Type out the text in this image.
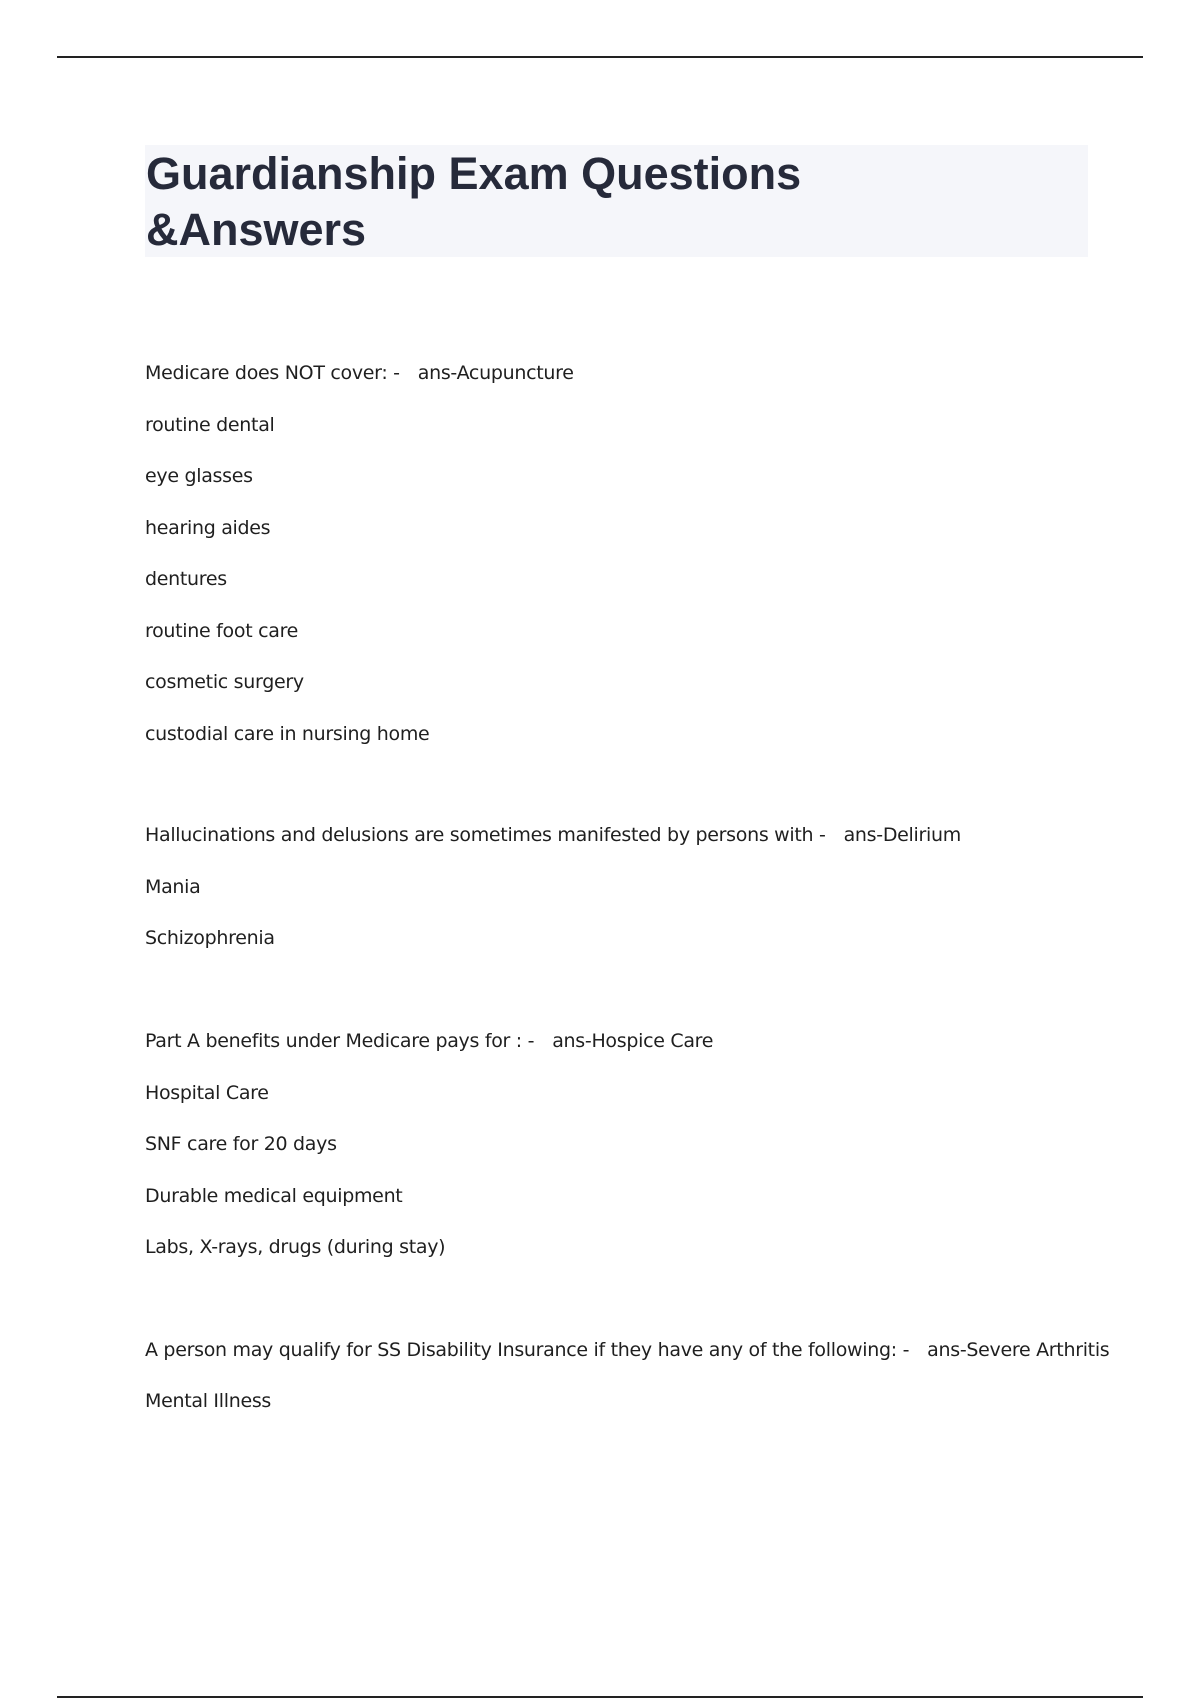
Guardianship Exam Questions
&Answers
Medicare does NOT cover: - ans-Acupuncture
routine dental
eye glasses
hearing aides
dentures
routine foot care
cosmetic surgery
custodial care in nursing home
Hallucinations and delusions are sometimes manifested by persons with - ans-Delirium
Mania
Schizophrenia
Part A benefits under Medicare pays for : - ans-Hospice Care
Hospital Care
SNF care for 20 days
Durable medical equipment
Labs, X-rays, drugs (during stay)
A person may qualify for SS Disability Insurance if they have any of the following: - ans-Severe Arthritis
Mental Illness
